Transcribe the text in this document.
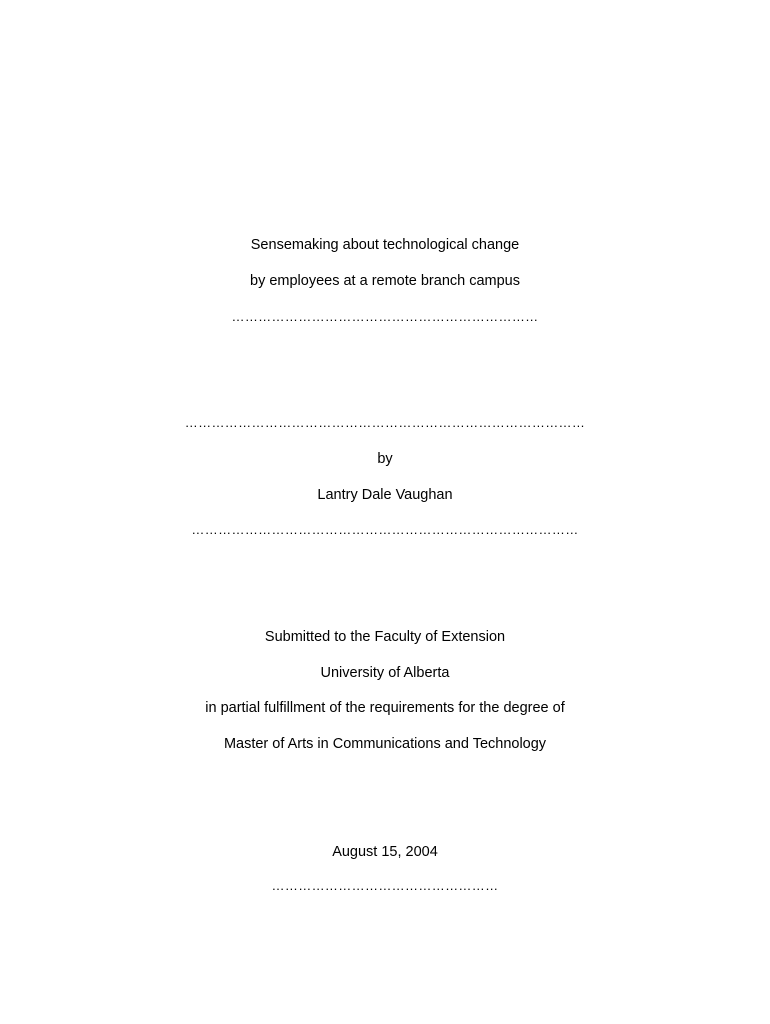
Sensemaking about technological change
by employees at a remote branch campus
……………………………………………………………
………………………………………………………………………………
by
Lantry Dale Vaughan
……………………………………………………………………………
Submitted to the Faculty of Extension
University of Alberta
in partial fulfillment of the requirements for the degree of
Master of Arts in Communications and Technology
August 15, 2004
……………………………………………
